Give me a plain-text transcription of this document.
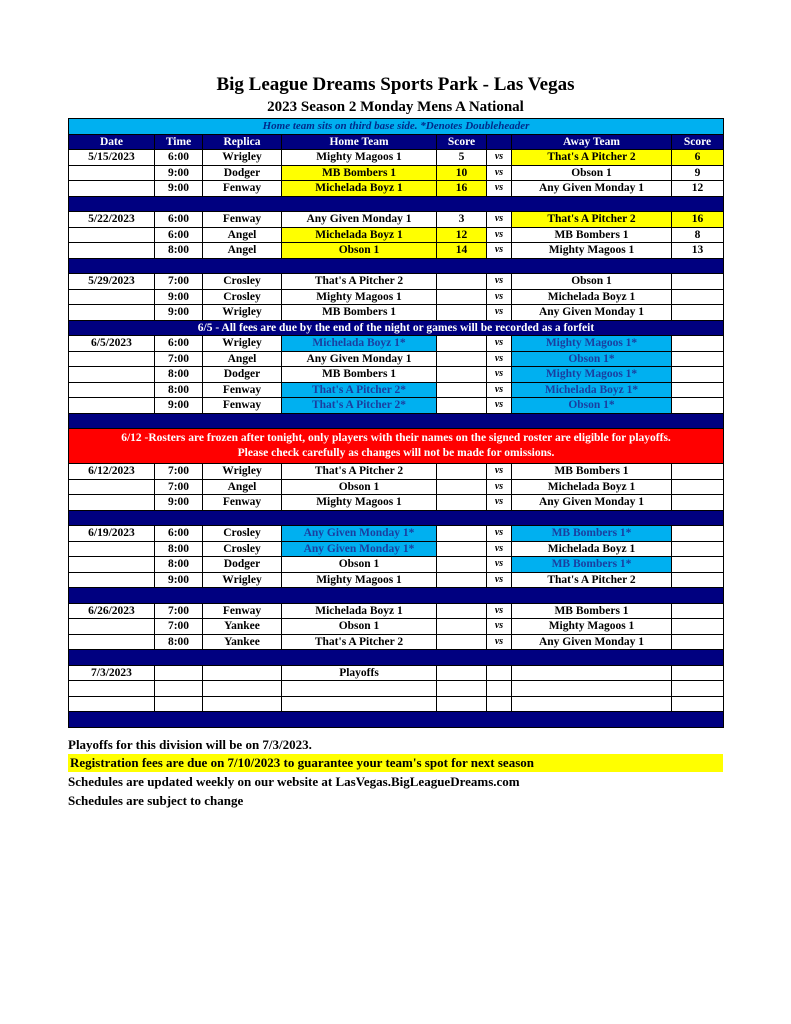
Big League Dreams Sports Park - Las Vegas
2023 Season 2 Monday Mens A National
Home team sits on third base side. *Denotes Doubleheader							
Date	Time	Replica	Home Team	Score		Away Team	Score
5/15/2023	6:00	Wrigley	Mighty Magoos 1	5	vs	That's A Pitcher 2	6
	9:00	Dodger	MB Bombers 1	10	vs	Obson 1	9
	9:00	Fenway	Michelada Boyz 1	16	vs	Any Given Monday 1	12

5/22/2023	6:00	Fenway	Any Given Monday 1	3	vs	That's A Pitcher 2	16
	6:00	Angel	Michelada Boyz 1	12	vs	MB Bombers 1	8
	8:00	Angel	Obson 1	14	vs	Mighty Magoos 1	13

5/29/2023	7:00	Crosley	That's A Pitcher 2		vs	Obson 1	
	9:00	Crosley	Mighty Magoos 1		vs	Michelada Boyz 1	
	9:00	Wrigley	MB Bombers 1		vs	Any Given Monday 1	
6/5 - All fees are due by the end of the night or games will be recorded as a forfeit							
6/5/2023	6:00	Wrigley	Michelada Boyz 1*		vs	Mighty Magoos 1*	
	7:00	Angel	Any Given Monday 1		vs	Obson 1*	
	8:00	Dodger	MB Bombers 1		vs	Mighty Magoos 1*	
	8:00	Fenway	That's A Pitcher 2*		vs	Michelada Boyz 1*	
	9:00	Fenway	That's A Pitcher 2*		vs	Obson 1*	

6/12 -Rosters are frozen after tonight, only players with their names on the signed roster are eligible for playoffs.
Please check carefully as changes will not be made for omissions.							

6/12/2023	7:00	Wrigley	That's A Pitcher 2		vs	MB Bombers 1	
	7:00	Angel	Obson 1		vs	Michelada Boyz 1	
	9:00	Fenway	Mighty Magoos 1		vs	Any Given Monday 1	

6/19/2023	6:00	Crosley	Any Given Monday 1*		vs	MB Bombers 1*	
	8:00	Crosley	Any Given Monday 1*		vs	Michelada Boyz 1	
	8:00	Dodger	Obson 1		vs	MB Bombers 1*	
	9:00	Wrigley	Mighty Magoos 1		vs	That's A Pitcher 2	

6/26/2023	7:00	Fenway	Michelada Boyz 1		vs	MB Bombers 1	
	7:00	Yankee	Obson 1		vs	Mighty Magoos 1	
	8:00	Yankee	That's A Pitcher 2		vs	Any Given Monday 1	

7/3/2023			Playoffs				

Playoffs for this division will be on 7/3/2023.
Registration fees are due on 7/10/2023 to guarantee your team's spot for next season
Schedules are updated weekly on our website at LasVegas.BigLeagueDreams.com
Schedules are subject to change
